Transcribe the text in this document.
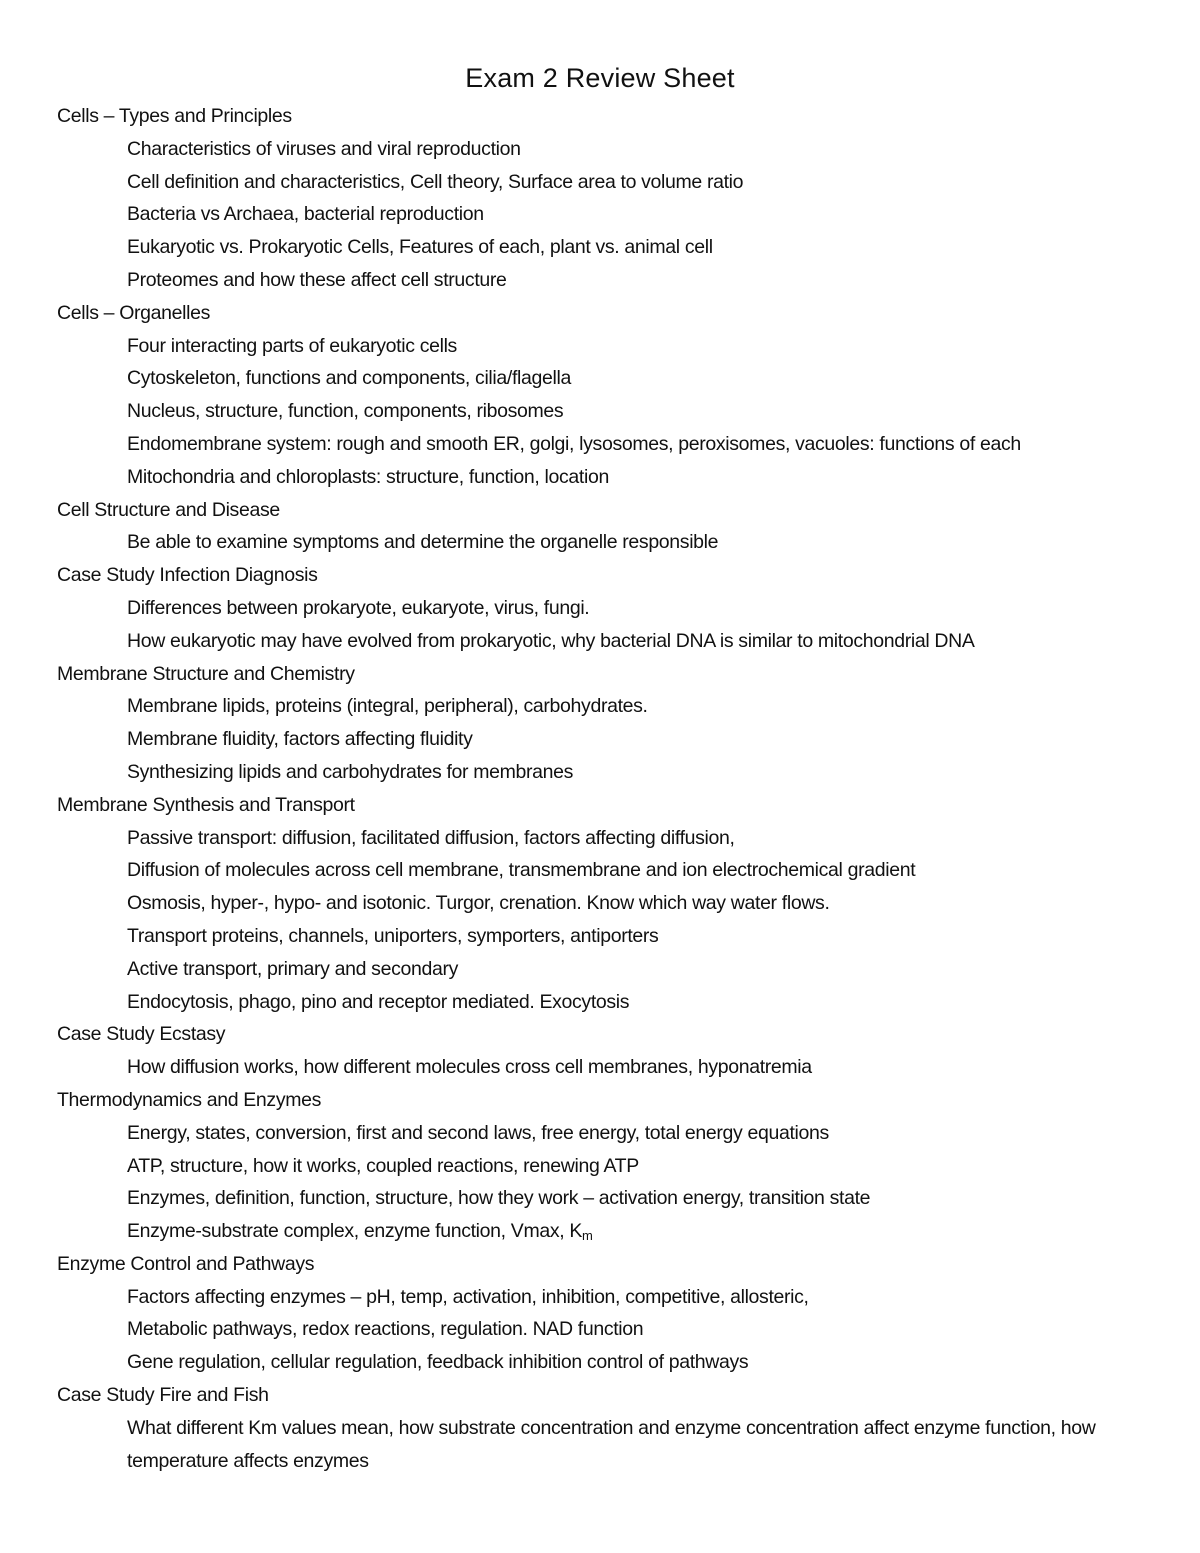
Exam 2 Review Sheet
Cells – Types and Principles
Characteristics of viruses and viral reproduction
Cell definition and characteristics, Cell theory, Surface area to volume ratio
Bacteria vs Archaea, bacterial reproduction
Eukaryotic vs. Prokaryotic Cells, Features of each, plant vs. animal cell
Proteomes and how these affect cell structure
Cells – Organelles
Four interacting parts of eukaryotic cells
Cytoskeleton, functions and components, cilia/flagella
Nucleus, structure, function, components, ribosomes
Endomembrane system: rough and smooth ER, golgi, lysosomes, peroxisomes, vacuoles: functions of each
Mitochondria and chloroplasts: structure, function, location
Cell Structure and Disease
Be able to examine symptoms and determine the organelle responsible
Case Study Infection Diagnosis
Differences between prokaryote, eukaryote, virus, fungi.
How eukaryotic may have evolved from prokaryotic, why bacterial DNA is similar to mitochondrial DNA
Membrane Structure and Chemistry
Membrane lipids, proteins (integral, peripheral), carbohydrates.
Membrane fluidity, factors affecting fluidity
Synthesizing lipids and carbohydrates for membranes
Membrane Synthesis and Transport
Passive transport: diffusion, facilitated diffusion, factors affecting diffusion,
Diffusion of molecules across cell membrane, transmembrane and ion electrochemical gradient
Osmosis, hyper-, hypo- and isotonic. Turgor, crenation. Know which way water flows.
Transport proteins, channels, uniporters, symporters, antiporters
Active transport, primary and secondary
Endocytosis, phago, pino and receptor mediated. Exocytosis
Case Study Ecstasy
How diffusion works, how different molecules cross cell membranes, hyponatremia
Thermodynamics and Enzymes
Energy, states, conversion, first and second laws, free energy, total energy equations
ATP, structure, how it works, coupled reactions, renewing ATP
Enzymes, definition, function, structure, how they work – activation energy, transition state
Enzyme-substrate complex, enzyme function, Vmax, $K_m$
Enzyme Control and Pathways
Factors affecting enzymes – pH, temp, activation, inhibition, competitive, allosteric,
Metabolic pathways, redox reactions, regulation. NAD function
Gene regulation, cellular regulation, feedback inhibition control of pathways
Case Study Fire and Fish
What different Km values mean, how substrate concentration and enzyme concentration affect enzyme function, how temperature affects enzymes
